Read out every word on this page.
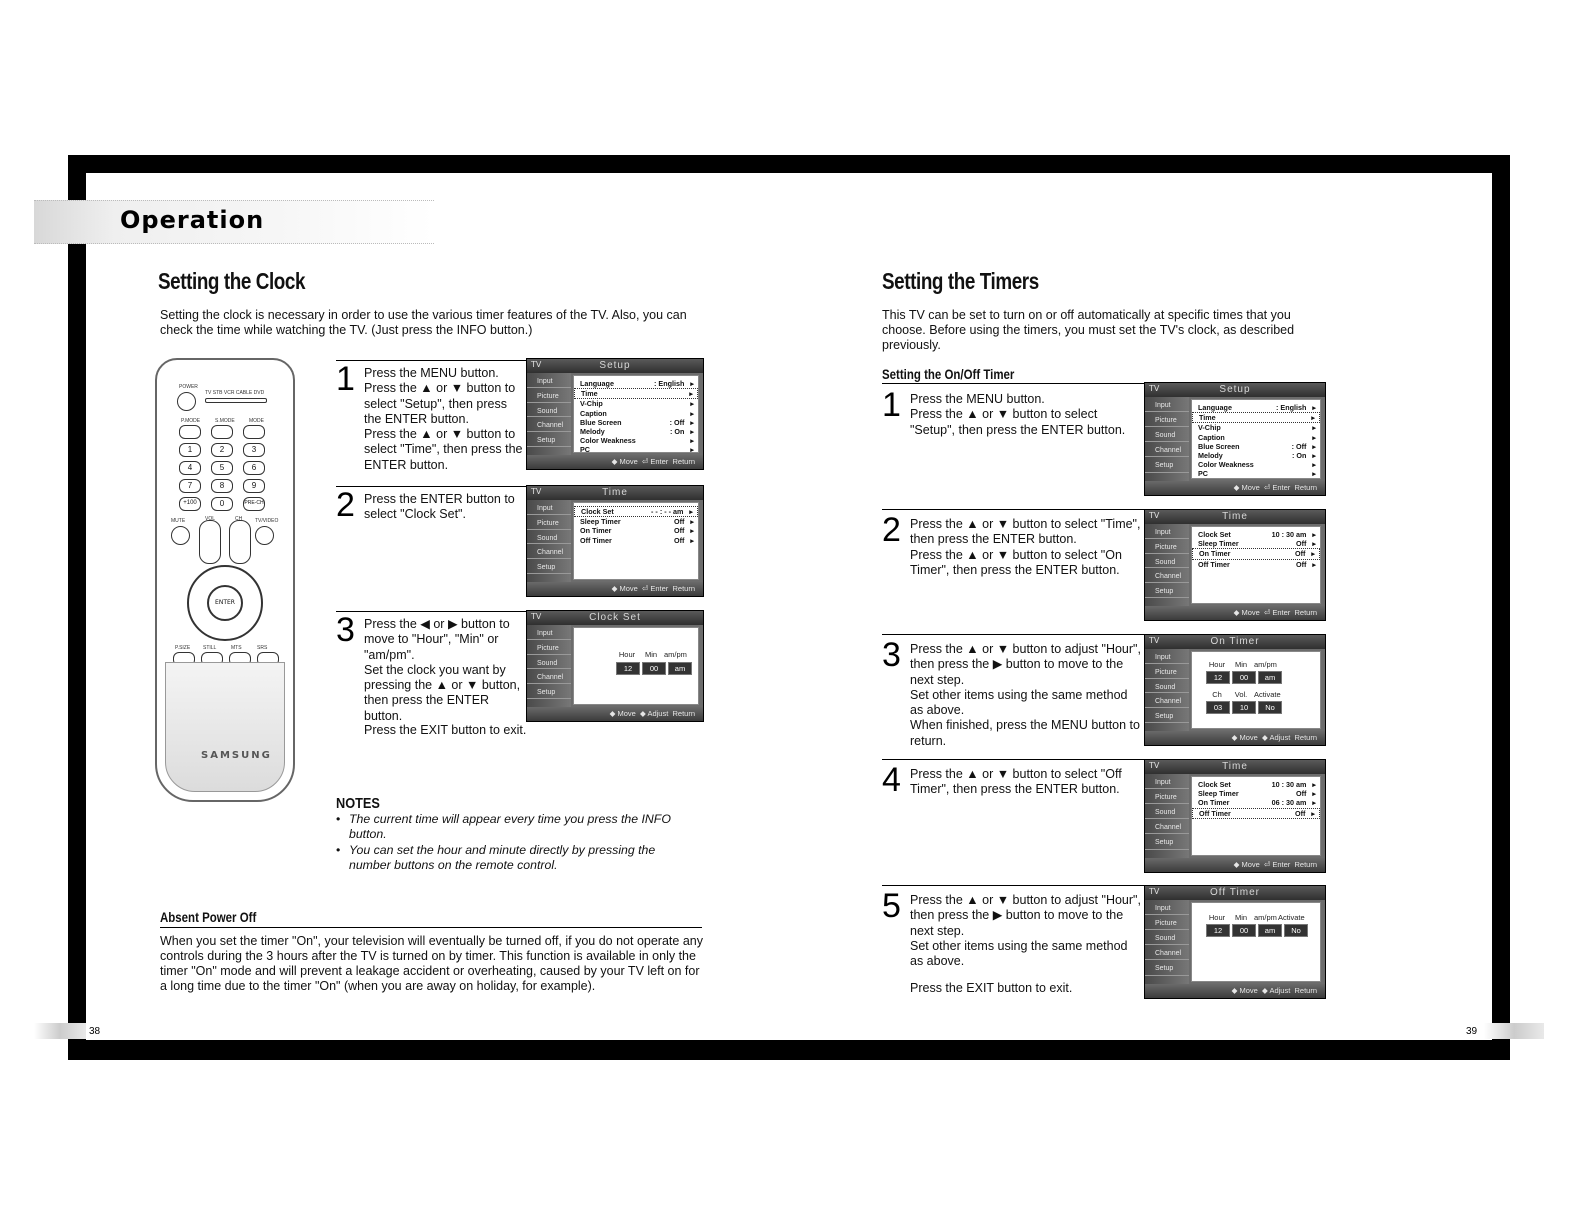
Operation
Setting the Clock

Setting the clock is necessary in order to use the various timer features of the TV. Also, you can check the time while watching the TV. (Just press the INFO button.)

POWER
TV STB VCR CABLE DVD
P.MODE	S.MODE	MODE
1	2	3
4	5	6
7	8	9
+100	0	PRE-CH
VOL	CH
MUTE	TV/VIDEO
ENTER
P.SIZE	STILL	MTS	SRS
SAMSUNG
1 Press the MENU button.
Press the ▲ or ▼ button to select "Setup", then press the ENTER button.
Press the ▲ or ▼ button to select "Time", then press the ENTER button.

2 Press the ENTER button to select "Clock Set".

3 Press the ◀ or ▶ button to move to "Hour", "Min" or "am/pm".
Set the clock you want by pressing the ▲ or ▼ button, then press the ENTER button.

Press the EXIT button to exit.

Setup
TV
Input
Picture
Sound
Channel
Setup
Language	: English ▸
Time	▸
V-Chip	▸
Caption	▸
Blue Screen	: Off ▸
Melody	: On ▸
Color Weakness	▸
PC	▸
◆ Move ⏎ Enter Return
Time
TV
Input
Picture
Sound
Channel
Setup
Clock Set	- - : - - am ▸
Sleep Timer	Off ▸
On Timer	Off ▸
Off Timer	Off ▸
◆ Move ⏎ Enter Return
Clock Set
TV
Input
Picture
Sound
Channel
Setup
Hour	Min am/pm
12	00	am
◆ Move ◆ Adjust Return
NOTES
• The current time will appear every time you press the INFO button.
• You can set the hour and minute directly by pressing the number buttons on the remote control.
Absent Power Off

When you set the timer "On", your television will eventually be turned off, if you do not operate any controls during the 3 hours after the TV is turned on by timer. This function is available in only the timer "On" mode and will prevent a leakage accident or overheating, caused by your TV left on for a long time due to the timer "On" (when you are away on holiday, for example).

38
Setting the Timers

This TV can be set to turn on or off automatically at specific times that you choose. Before using the timers, you must set the TV's clock, as described previously.

Setting the On/Off Timer
1 Press the MENU button.
Press the ▲ or ▼ button to select "Setup", then press the ENTER button.

2 Press the ▲ or ▼ button to select "Time", then press the ENTER button.
Press the ▲ or ▼ button to select "On Timer", then press the ENTER button.

3 Press the ▲ or ▼ button to adjust "Hour", then press the ▶ button to move to the next step.
Set other items using the same method as above.
When finished, press the MENU button to return.

4 Press the ▲ or ▼ button to select "Off Timer", then press the ENTER button.

5 Press the ▲ or ▼ button to adjust "Hour", then press the ▶ button to move to the next step.
Set other items using the same method as above.

Press the EXIT button to exit.

Setup
TV
Input
Picture
Sound
Channel
Setup
Language	: English ▸
Time	▸
V-Chip	▸
Caption	▸
Blue Screen	: Off ▸
Melody	: On ▸
Color Weakness	▸
PC	▸
◆ Move ⏎ Enter Return
Time
TV
Input
Picture
Sound
Channel
Setup
Clock Set	10 : 30 am ▸
Sleep Timer	Off ▸
On Timer	Off ▸
Off Timer	Off ▸
◆ Move ⏎ Enter Return
On Timer
TV
Input
Picture
Sound
Channel
Setup
Hour	Min am/pm
12	00	am
Ch	Vol. Activate
03	10	No
◆ Move ◆ Adjust Return
Time
TV
Input
Picture
Sound
Channel
Setup
Clock Set	10 : 30 am ▸
Sleep Timer	Off ▸
On Timer	06 : 30 am ▸
Off Timer	Off ▸
◆ Move ⏎ Enter Return
Off Timer
TV
Input
Picture
Sound
Channel
Setup
Hour	Min am/pm Activate
12	00	am	No
◆ Move ◆ Adjust Return
39
